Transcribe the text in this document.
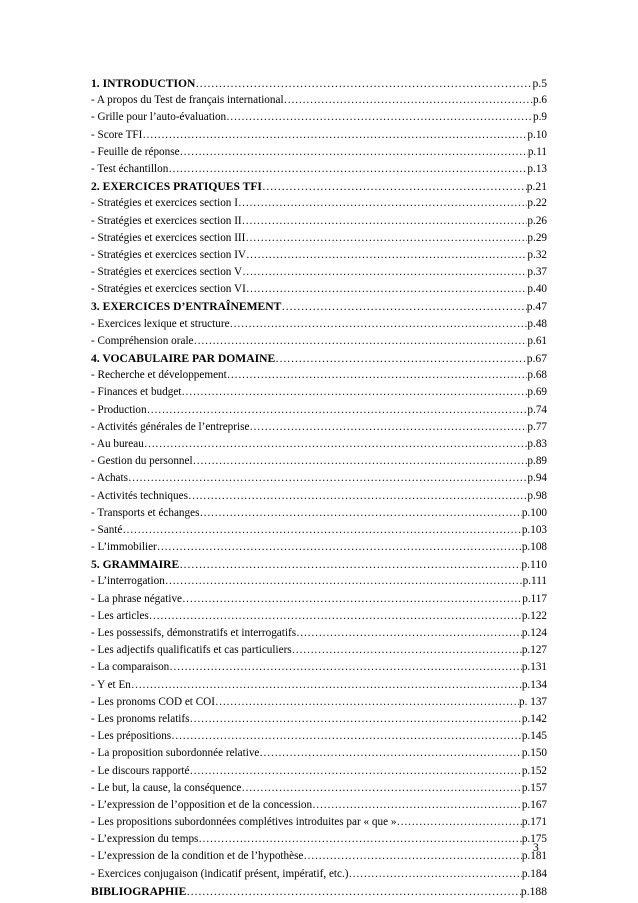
1. INTRODUCTION …………………………………………………………………………………………………………………………………………………………………………………………	p.5
- A propos du Test de français international …………………………………………………………………………………………………………………………………………………………………………………………	p.6
- Grille pour l’auto-évaluation …………………………………………………………………………………………………………………………………………………………………………………………	p.9
- Score TFI …………………………………………………………………………………………………………………………………………………………………………………………	p.10
- Feuille de réponse …………………………………………………………………………………………………………………………………………………………………………………………	p.11
- Test échantillon …………………………………………………………………………………………………………………………………………………………………………………………	p.13
2. EXERCICES PRATIQUES TFI …………………………………………………………………………………………………………………………………………………………………………………………	p.21
- Stratégies et exercices section I …………………………………………………………………………………………………………………………………………………………………………………………	p.22
- Stratégies et exercices section II …………………………………………………………………………………………………………………………………………………………………………………………	p.26
- Stratégies et exercices section III …………………………………………………………………………………………………………………………………………………………………………………………	p.29
- Stratégies et exercices section IV …………………………………………………………………………………………………………………………………………………………………………………………	p.32
- Stratégies et exercices section V …………………………………………………………………………………………………………………………………………………………………………………………	p.37
- Stratégies et exercices section VI …………………………………………………………………………………………………………………………………………………………………………………………	p.40
3. EXERCICES D’ENTRAÎNEMENT …………………………………………………………………………………………………………………………………………………………………………………………	p.47
- Exercices lexique et structure …………………………………………………………………………………………………………………………………………………………………………………………	p.48
- Compréhension orale …………………………………………………………………………………………………………………………………………………………………………………………	p.61
4. VOCABULAIRE PAR DOMAINE …………………………………………………………………………………………………………………………………………………………………………………………	p.67
- Recherche et développement …………………………………………………………………………………………………………………………………………………………………………………………	p.68
- Finances et budget …………………………………………………………………………………………………………………………………………………………………………………………	p.69
- Production …………………………………………………………………………………………………………………………………………………………………………………………	p.74
- Activités générales de l’entreprise …………………………………………………………………………………………………………………………………………………………………………………………	p.77
- Au bureau …………………………………………………………………………………………………………………………………………………………………………………………	p.83
- Gestion du personnel …………………………………………………………………………………………………………………………………………………………………………………………	p.89
- Achats …………………………………………………………………………………………………………………………………………………………………………………………	p.94
- Activités techniques …………………………………………………………………………………………………………………………………………………………………………………………	p.98
- Transports et échanges …………………………………………………………………………………………………………………………………………………………………………………………	p.100
- Santé …………………………………………………………………………………………………………………………………………………………………………………………	p.103
- L’immobilier …………………………………………………………………………………………………………………………………………………………………………………………	p.108
5. GRAMMAIRE …………………………………………………………………………………………………………………………………………………………………………………………	p.110
- L’interrogation …………………………………………………………………………………………………………………………………………………………………………………………	p.111
- La phrase négative …………………………………………………………………………………………………………………………………………………………………………………………	p.117
- Les articles …………………………………………………………………………………………………………………………………………………………………………………………	p.122
- Les possessifs, démonstratifs et interrogatifs …………………………………………………………………………………………………………………………………………………………………………………………	p.124
- Les adjectifs qualificatifs et cas particuliers …………………………………………………………………………………………………………………………………………………………………………………………	p.127
- La comparaison …………………………………………………………………………………………………………………………………………………………………………………………	p.131
- Y et En …………………………………………………………………………………………………………………………………………………………………………………………	p.134
- Les pronoms COD et COI …………………………………………………………………………………………………………………………………………………………………………………………	p. 137
- Les pronoms relatifs …………………………………………………………………………………………………………………………………………………………………………………………	p.142
- Les prépositions …………………………………………………………………………………………………………………………………………………………………………………………	p.145
- La proposition subordonnée relative …………………………………………………………………………………………………………………………………………………………………………………………	p.150
- Le discours rapporté …………………………………………………………………………………………………………………………………………………………………………………………	p.152
- Le but, la cause, la conséquence …………………………………………………………………………………………………………………………………………………………………………………………	p.157
- L’expression de l’opposition et de la concession …………………………………………………………………………………………………………………………………………………………………………………………	p.167
- Les propositions subordonnées complétives introduites par « que » …………………………………………………………………………………………………………………………………………………………………………………………	p.171
- L’expression du temps …………………………………………………………………………………………………………………………………………………………………………………………	p.175
- L’expression de la condition et de l’hypothèse …………………………………………………………………………………………………………………………………………………………………………………………	p.181
- Exercices conjugaison (indicatif présent, impératif, etc.) …………………………………………………………………………………………………………………………………………………………………………………………	p.184
BIBLIOGRAPHIE …………………………………………………………………………………………………………………………………………………………………………………………	p.188
3
